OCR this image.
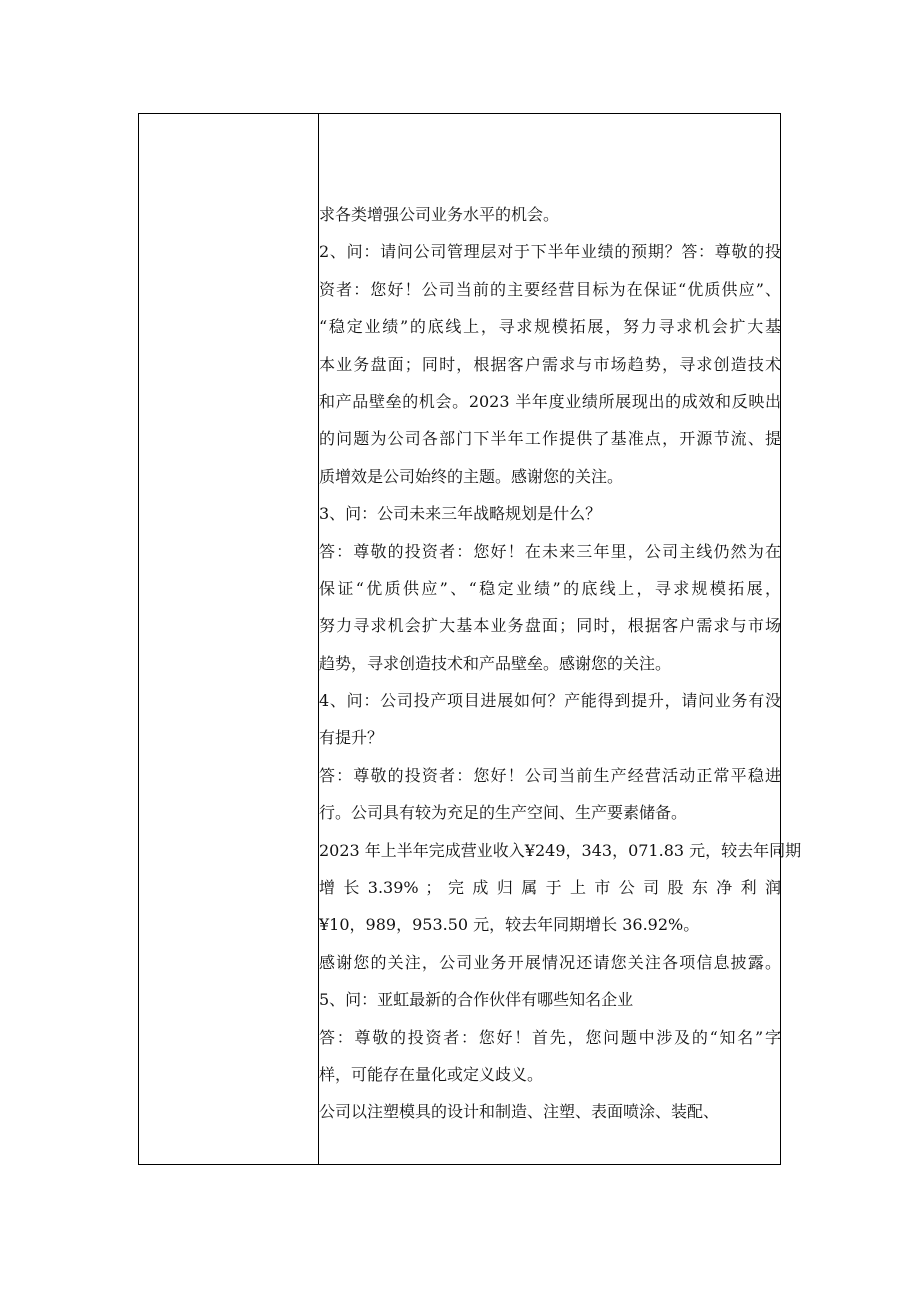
求各类增强公司业务水平的机会。
2、问：请问公司管理层对于下半年业绩的预期？答：尊敬的投
资者：您好！公司当前的主要经营目标为在保证“优质供应”、
“稳定业绩”的底线上，寻求规模拓展，努力寻求机会扩大基
本业务盘面；同时，根据客户需求与市场趋势，寻求创造技术
和产品壁垒的机会。2023 半年度业绩所展现出的成效和反映出
的问题为公司各部门下半年工作提供了基准点，开源节流、提
质增效是公司始终的主题。感谢您的关注。
3、问：公司未来三年战略规划是什么？
答：尊敬的投资者：您好！在未来三年里，公司主线仍然为在
保证“优质供应”、“稳定业绩”的底线上，寻求规模拓展，
努力寻求机会扩大基本业务盘面；同时，根据客户需求与市场
趋势，寻求创造技术和产品壁垒。感谢您的关注。
4、问：公司投产项目进展如何？产能得到提升，请问业务有没
有提升？
答：尊敬的投资者：您好！公司当前生产经营活动正常平稳进
行。公司具有较为充足的生产空间、生产要素储备。
2023 年上半年完成营业收入¥249，343，071.83 元，较去年同期
增 长 3.39% ； 完 成 归 属 于 上 市 公 司 股 东 净 利 润
¥10，989，953.50 元，较去年同期增长 36.92%。
感谢您的关注，公司业务开展情况还请您关注各项信息披露。
5、问：亚虹最新的合作伙伴有哪些知名企业
答：尊敬的投资者：您好！首先，您问题中涉及的“知名”字
样，可能存在量化或定义歧义。
公司以注塑模具的设计和制造、注塑、表面喷涂、装配、
